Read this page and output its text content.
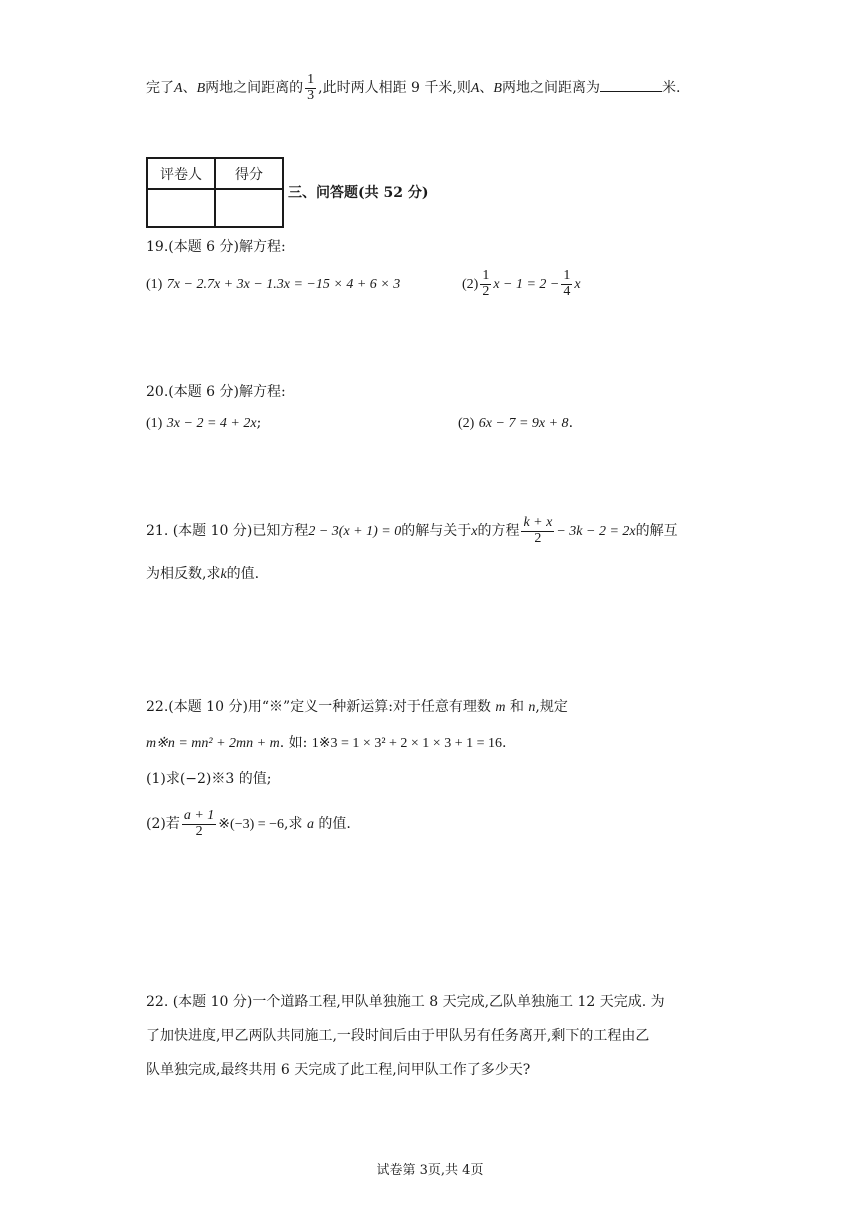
完了A、B两地之间距离的 $\frac{1}{3}$ ,此时两人相距 9 千米,则A、B两地之间距离为	米.
评卷人	得分

三、问答题(共 52 分)
19.(本题 6 分)解方程:
(1) 7x − 2.7x + 3x − 1.3x = −15 × 4 + 6 × 3	$(2) \frac{1}{2}$ $x - 1 = 2 - \frac{1}{4}$ x
20.(本题 6 分)解方程:
(1) 3x − 2 = 4 + 2x;	(2) 6x − 7 = 9x + 8.
21. (本题 10 分)已知方程2 − 3(x + 1) = 0的解与关于x的方程 $\frac{k + x}{2} - 3k - 2 = 2x$的解互
为相反数,求k的值.
22.(本题 10 分)用“※”定义一种新运算:对于任意有理数 m 和 n,规定
m※n = mn² + 2mn + m. 如: 1※3 = 1 × 3² + 2 × 1 × 3 + 1 = 16.
(1)求(−2)※3 的值;
(2)若 $\frac{a + 1}{2}$ ※(−3) = −6,求 a 的值.
22. (本题 10 分)一个道路工程,甲队单独施工 8 天完成,乙队单独施工 12 天完成. 为
了加快进度,甲乙两队共同施工,一段时间后由于甲队另有任务离开,剩下的工程由乙
队单独完成,最终共用 6 天完成了此工程,问甲队工作了多少天?
试卷第 3页,共 4页
